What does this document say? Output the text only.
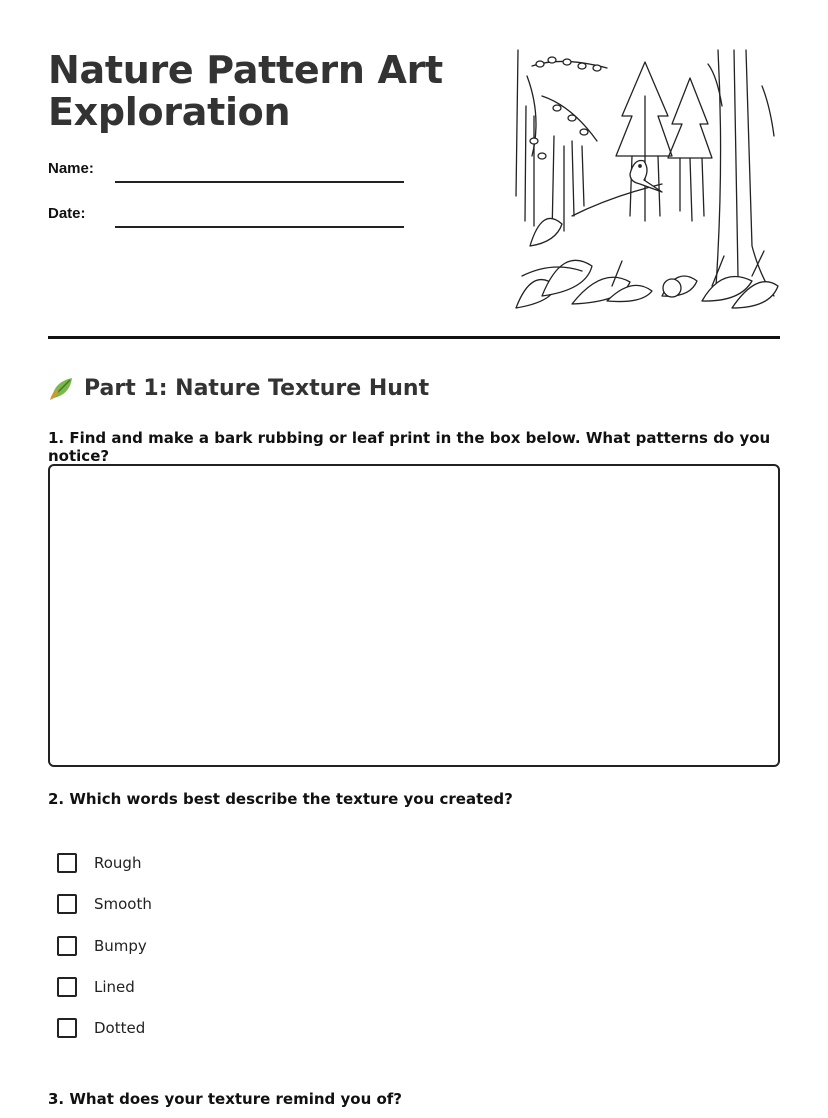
Nature Pattern Art Exploration
Name:
Date:
Part 1: Nature Texture Hunt
1. Find and make a bark rubbing or leaf print in the box below. What patterns do you notice?
2. Which words best describe the texture you created?
Rough
Smooth
Bumpy
Lined
Dotted
3. What does your texture remind you of?
